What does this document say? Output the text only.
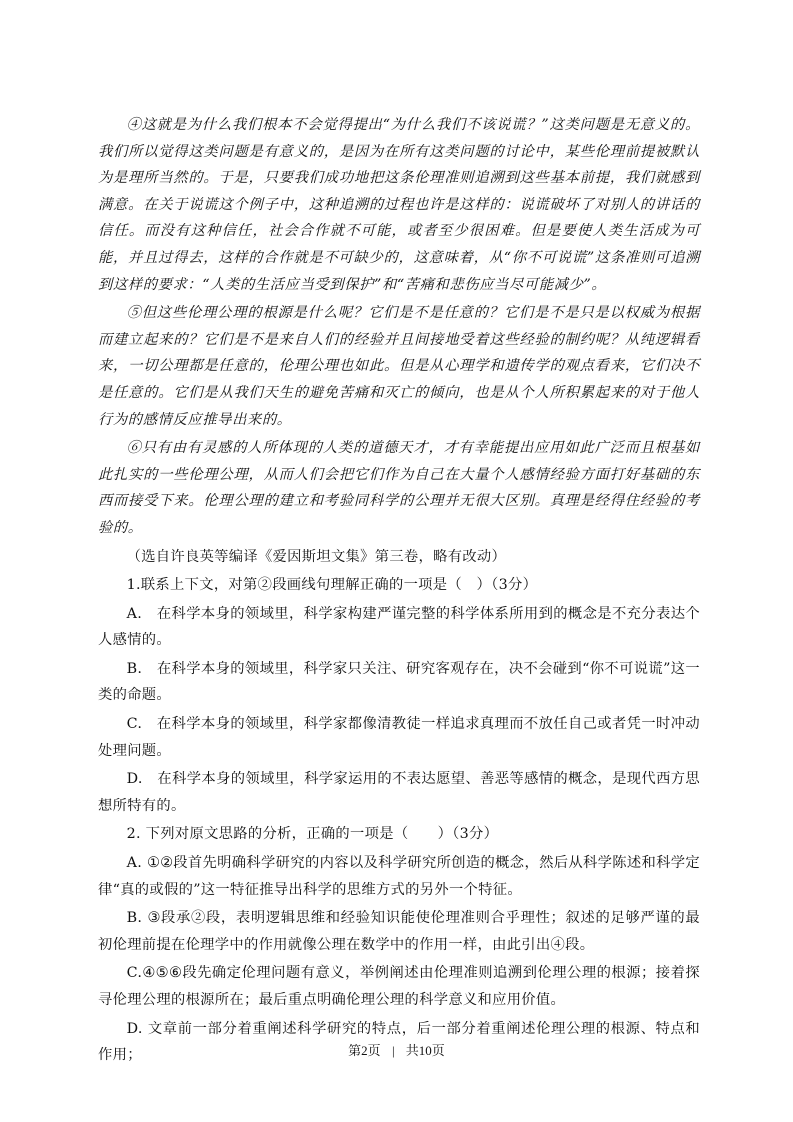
④这就是为什么我们根本不会觉得提出“为什么我们不该说谎？”这类问题是无意义的。我们所以觉得这类问题是有意义的，是因为在所有这类问题的讨论中，某些伦理前提被默认为是理所当然的。于是，只要我们成功地把这条伦理准则追溯到这些基本前提，我们就感到满意。在关于说谎这个例子中，这种追溯的过程也许是这样的：说谎破坏了对别人的讲话的信任。而没有这种信任，社会合作就不可能，或者至少很困难。但是要使人类生活成为可能，并且过得去，这样的合作就是不可缺少的，这意味着，从“你不可说谎”这条准则可追溯到这样的要求：“人类的生活应当受到保护”和“苦痛和悲伤应当尽可能减少”。

⑤但这些伦理公理的根源是什么呢？它们是不是任意的？它们是不是只是以权威为根据而建立起来的？它们是不是来自人们的经验并且间接地受着这些经验的制约呢？从纯逻辑看来，一切公理都是任意的，伦理公理也如此。但是从心理学和遗传学的观点看来，它们决不是任意的。它们是从我们天生的避免苦痛和灭亡的倾向，也是从个人所积累起来的对于他人行为的感情反应推导出来的。

⑥只有由有灵感的人所体现的人类的道德天才，才有幸能提出应用如此广泛而且根基如此扎实的一些伦理公理，从而人们会把它们作为自己在大量个人感情经验方面打好基础的东西而接受下来。伦理公理的建立和考验同科学的公理并无很大区别。真理是经得住经验的考验的。

（选自许良英等编译《爱因斯坦文集》第三卷，略有改动）

1.联系上下文，对第②段画线句理解正确的一项是（　）（3分）

A.　在科学本身的领域里，科学家构建严谨完整的科学体系所用到的概念是不充分表达个人感情的。

B.　在科学本身的领域里，科学家只关注、研究客观存在，决不会碰到“你不可说谎”这一类的命题。

C.　在科学本身的领域里，科学家都像清教徒一样追求真理而不放任自己或者凭一时冲动处理问题。

D.　在科学本身的领域里，科学家运用的不表达愿望、善恶等感情的概念，是现代西方思想所特有的。

2. 下列对原文思路的分析，正确的一项是（　　）（3分）

A. ①②段首先明确科学研究的内容以及科学研究所创造的概念，然后从科学陈述和科学定律“真的或假的”这一特征推导出科学的思维方式的另外一个特征。

B. ③段承②段，表明逻辑思维和经验知识能使伦理准则合乎理性；叙述的足够严谨的最初伦理前提在伦理学中的作用就像公理在数学中的作用一样，由此引出④段。

C.④⑤⑥段先确定伦理问题有意义，举例阐述由伦理准则追溯到伦理公理的根源；接着探寻伦理公理的根源所在；最后重点明确伦理公理的科学意义和应用价值。

D. 文章前一部分着重阐述科学研究的特点，后一部分着重阐述伦理公理的根源、特点和作用；	第2页 | 共10页
